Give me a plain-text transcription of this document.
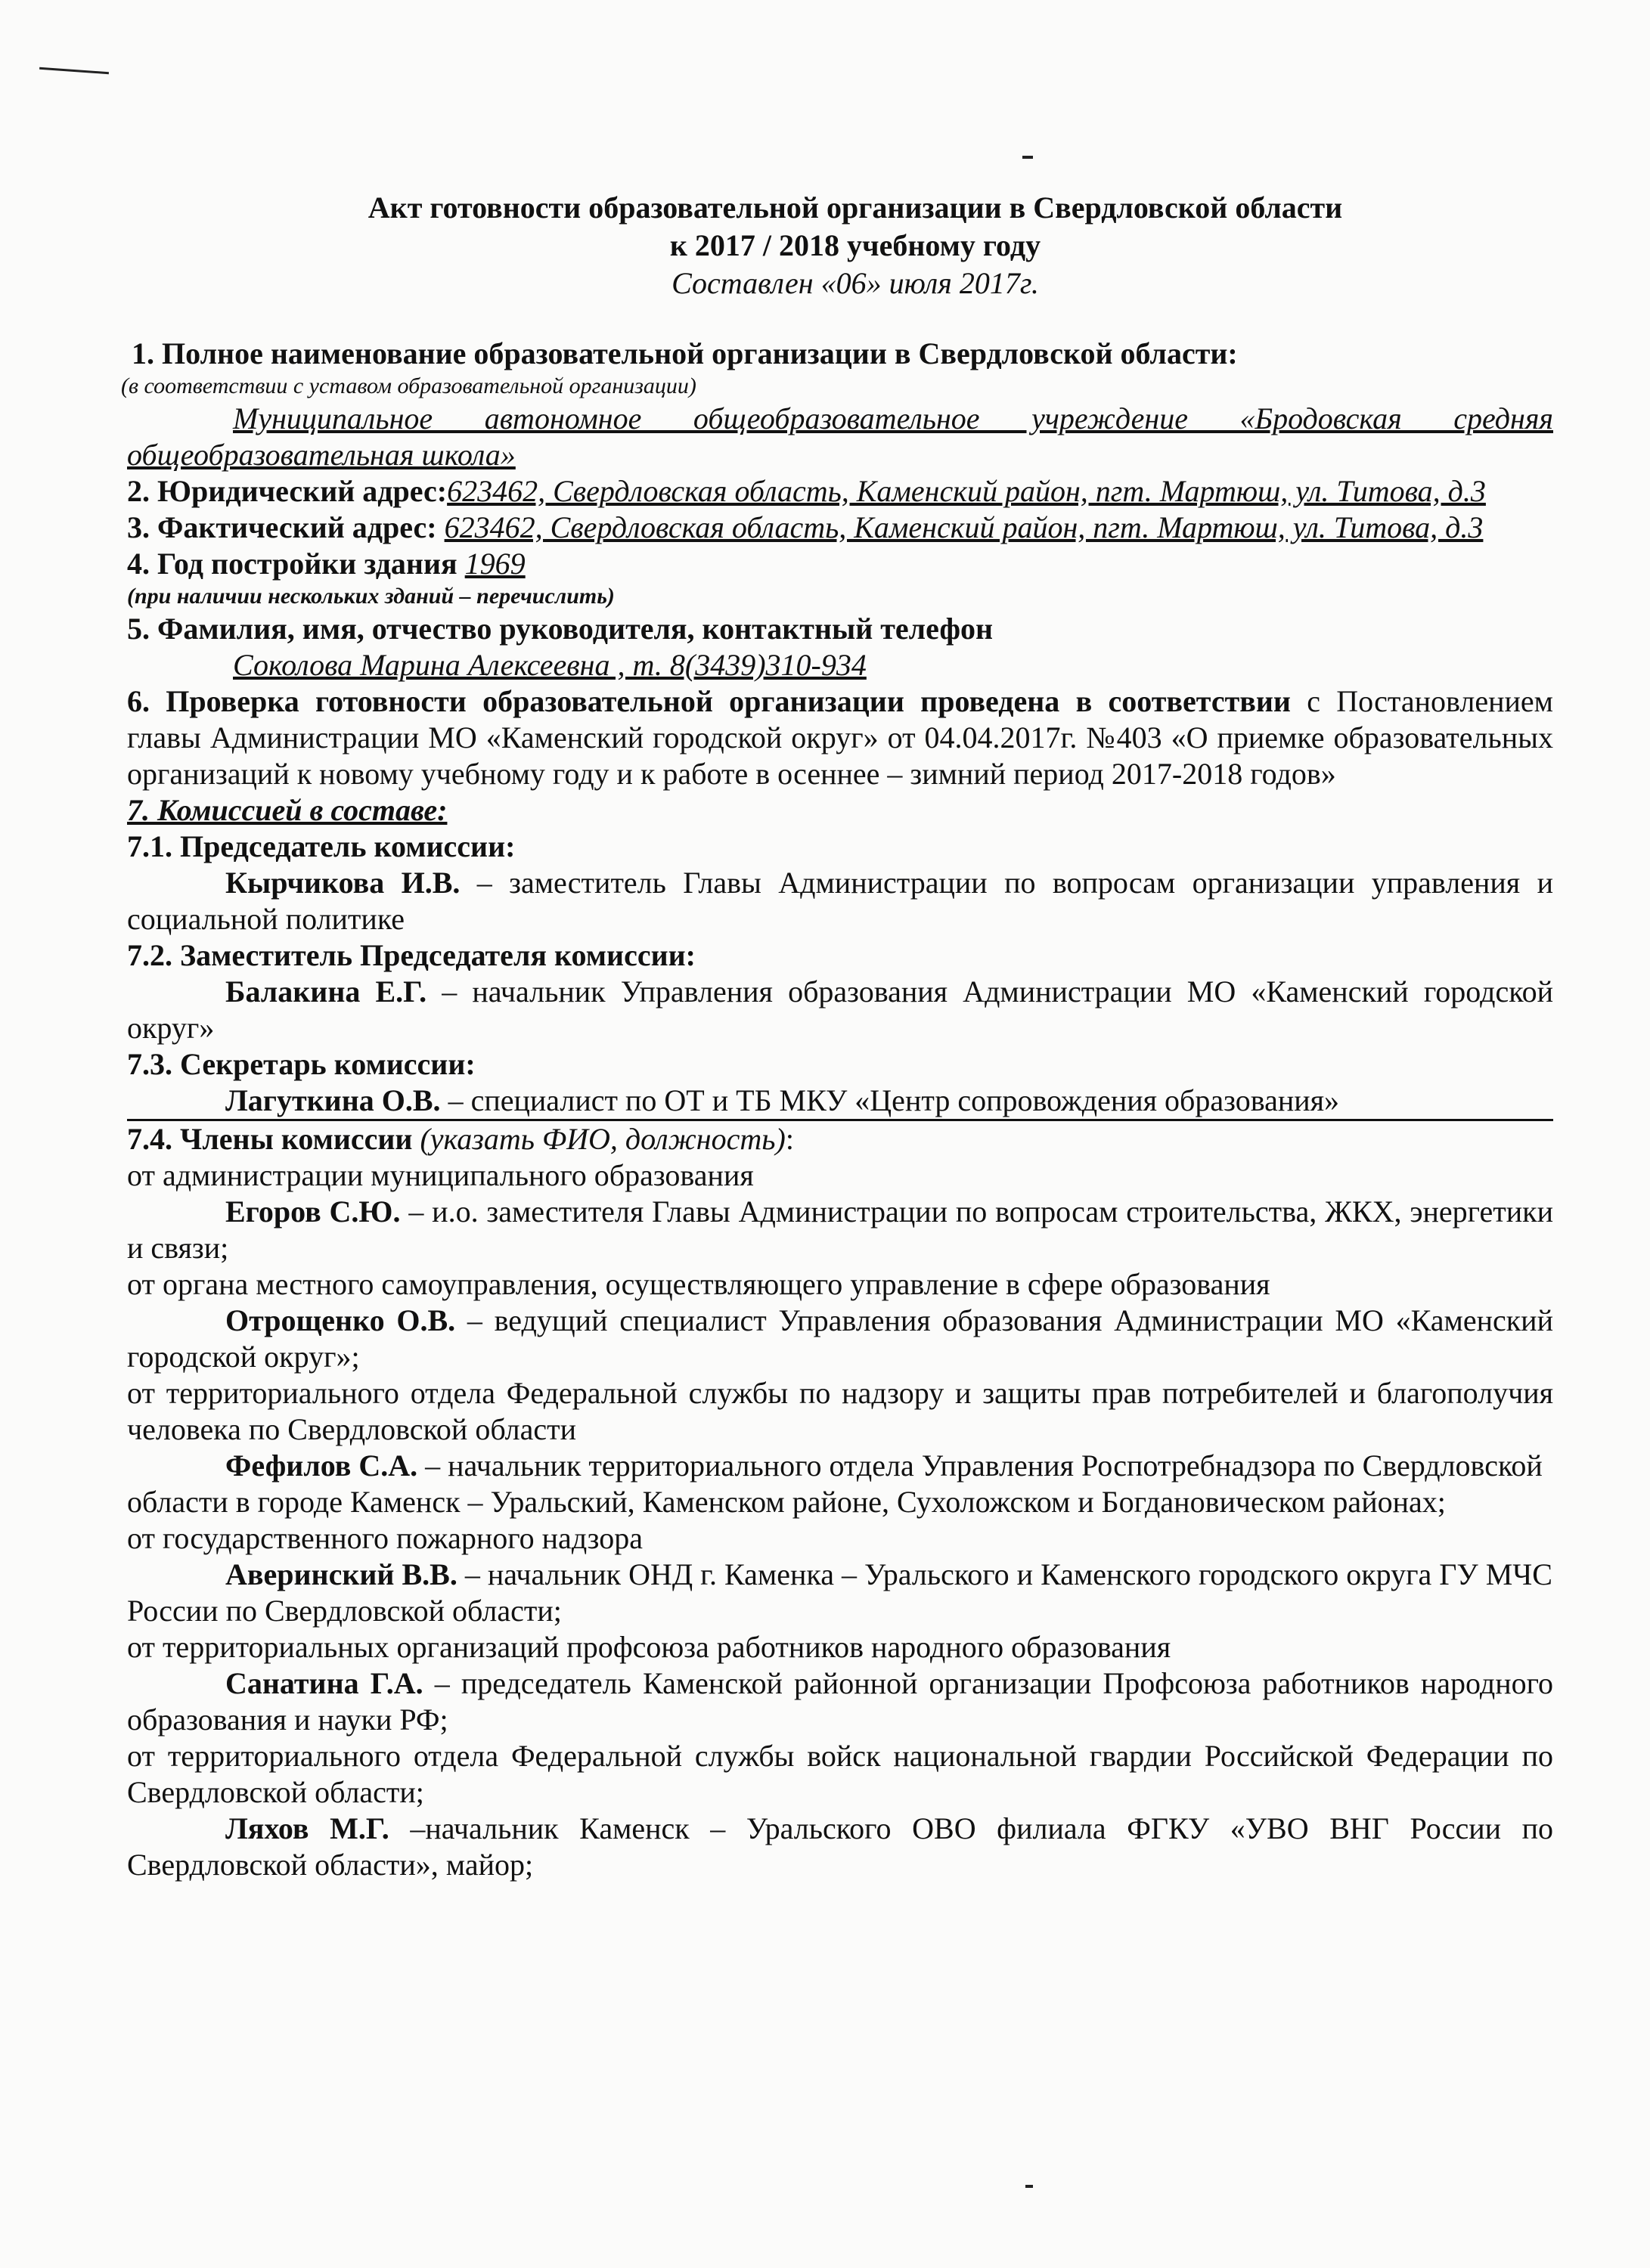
Акт готовности образовательной организации в Свердловской области
к 2017 / 2018 учебному году
Составлен «06» июля 2017г.
1. Полное наименование образовательной организации в Свердловской области:
(в соответствии с уставом образовательной организации)
Муниципальное автономное общеобразовательное учреждение «Бродовская средняя общеобразовательная школа»
2. Юридический адрес:623462, Свердловская область, Каменский район, пгт. Мартюш, ул. Титова, д.3
3. Фактический адрес: 623462, Свердловская область, Каменский район, пгт. Мартюш, ул. Титова, д.3
4. Год постройки здания 1969
(при наличии нескольких зданий – перечислить)
5. Фамилия, имя, отчество руководителя, контактный телефон
Соколова Марина Алексеевна , т. 8(3439)310-934
6. Проверка готовности образовательной организации проведена в соответствии с Постановлением главы Администрации МО «Каменский городской округ» от 04.04.2017г. №403 «О приемке образовательных организаций к новому учебному году и к работе в осеннее – зимний период 2017-2018 годов»
7. Комиссией в составе:
7.1. Председатель комиссии:
Кырчикова И.В. – заместитель Главы Администрации по вопросам организации управления и социальной политике
7.2. Заместитель Председателя комиссии:
Балакина Е.Г. – начальник Управления образования Администрации МО «Каменский городской округ»
7.3. Секретарь комиссии:
Лагуткина О.В. – специалист по ОТ и ТБ МКУ «Центр сопровождения образования»
7.4. Члены комиссии (указать ФИО, должность):
от администрации муниципального образования
Егоров С.Ю. – и.о. заместителя Главы Администрации по вопросам строительства, ЖКХ, энергетики и связи;
от органа местного самоуправления, осуществляющего управление в сфере образования
Отрощенко О.В. – ведущий специалист Управления образования Администрации МО «Каменский городской округ»;
от территориального отдела Федеральной службы по надзору и защиты прав потребителей и благополучия человека по Свердловской области
Фефилов С.А. – начальник территориального отдела Управления Роспотребнадзора по Свердловской области в городе Каменск – Уральский, Каменском районе, Сухоложском и Богдановическом районах;
от государственного пожарного надзора
Аверинский В.В. – начальник ОНД г. Каменка – Уральского и Каменского городского округа ГУ МЧС России по Свердловской области;
от территориальных организаций профсоюза работников народного образования
Санатина Г.А. – председатель Каменской районной организации Профсоюза работников народного образования и науки РФ;
от территориального отдела Федеральной службы войск национальной гвардии Российской Федерации по Свердловской области;
Ляхов М.Г. –начальник Каменск – Уральского ОВО филиала ФГКУ «УВО ВНГ России по Свердловской области», майор;
